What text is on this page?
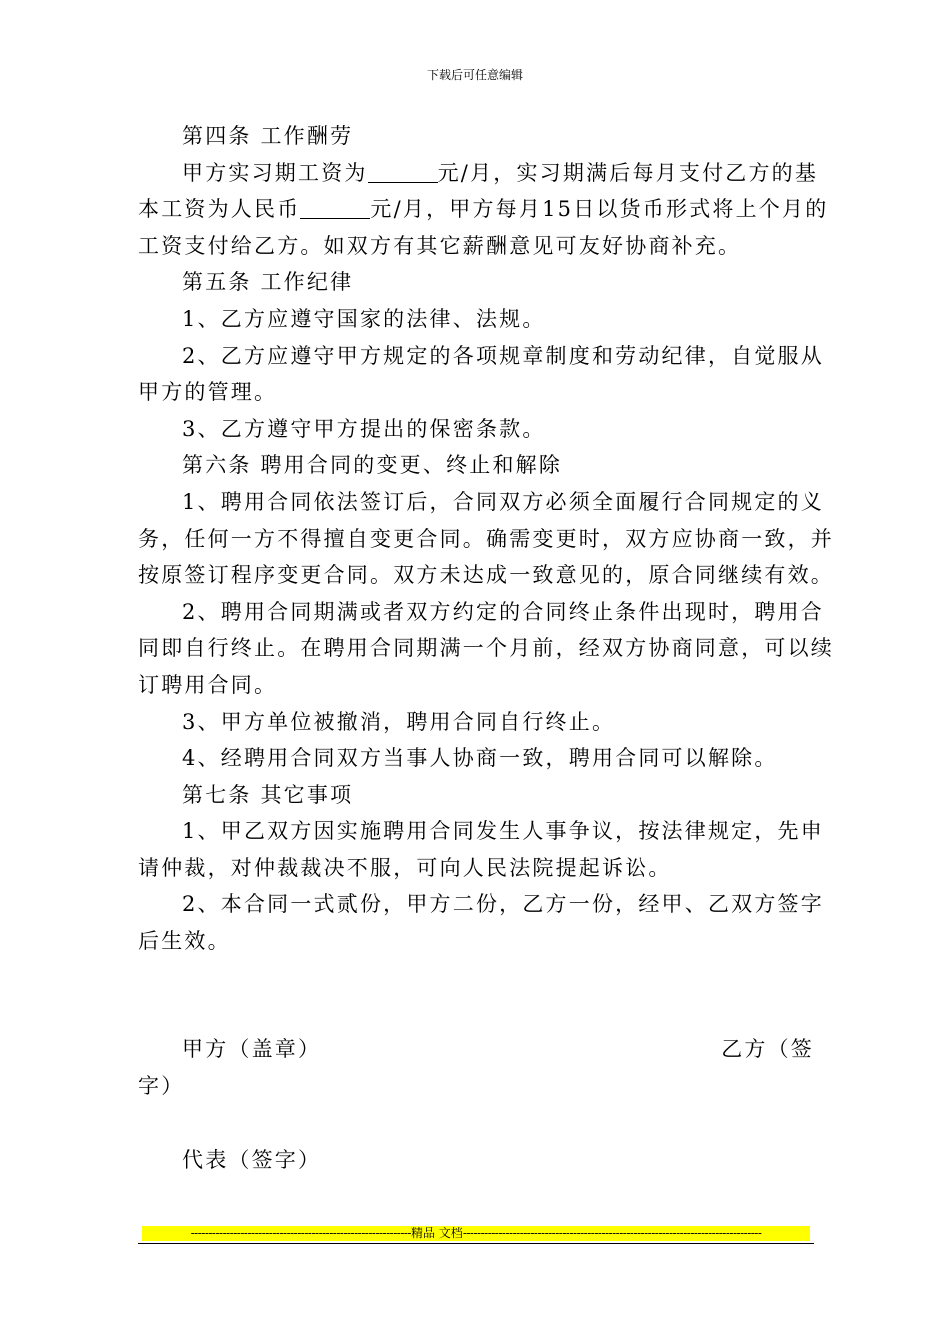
下载后可任意编辑
第四条 工作酬劳
甲方实习期工资为	元/月，实习期满后每月支付乙方的基
本工资为人民币	元/月，甲方每月15日以货币形式将上个月的
工资支付给乙方。如双方有其它薪酬意见可友好协商补充。
第五条 工作纪律
1、乙方应遵守国家的法律、法规。
2、乙方应遵守甲方规定的各项规章制度和劳动纪律，自觉服从
甲方的管理。
3、乙方遵守甲方提出的保密条款。
第六条 聘用合同的变更、终止和解除
1、聘用合同依法签订后，合同双方必须全面履行合同规定的义
务，任何一方不得擅自变更合同。确需变更时，双方应协商一致，并
按原签订程序变更合同。双方未达成一致意见的，原合同继续有效。
2、聘用合同期满或者双方约定的合同终止条件出现时，聘用合
同即自行终止。在聘用合同期满一个月前，经双方协商同意，可以续
订聘用合同。
3、甲方单位被撤消，聘用合同自行终止。
4、经聘用合同双方当事人协商一致，聘用合同可以解除。
第七条 其它事项
1、甲乙双方因实施聘用合同发生人事争议，按法律规定，先申
请仲裁，对仲裁裁决不服，可向人民法院提起诉讼。
2、本合同一式贰份，甲方二份，乙方一份，经甲、乙双方签字
后生效。
甲方（盖章）	乙方（签
字）
代表（签字）
--------------------------------------------------------------精品 文档------------------------------------------------------------------------------------
